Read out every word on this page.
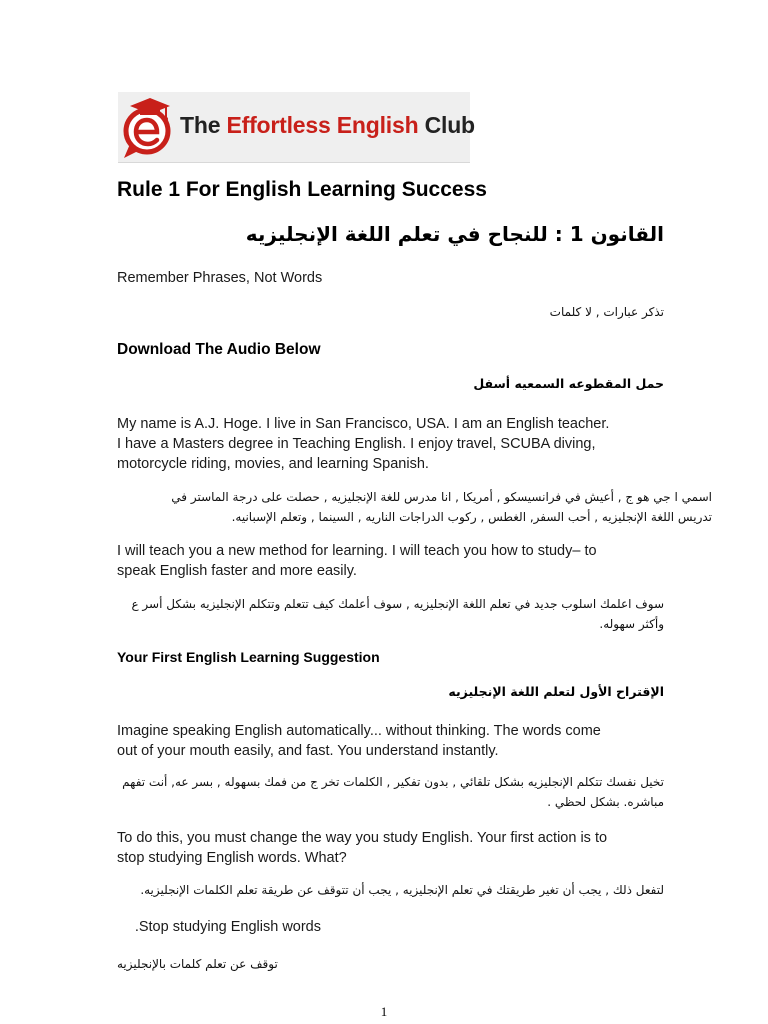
The Effortless English Club
Rule 1 For English Learning Success
القانون 1 : للنجاح في تعلم اللغة الإنجليزيه
Remember Phrases, Not Words
تذكر عبارات , لا كلمات
Download The Audio Below
حمل المقطوعه السمعيه أسفل
My name is A.J. Hoge. I live in San Francisco, USA. I am an English teacher.
I have a Masters degree in Teaching English. I enjoy travel, SCUBA diving,
motorcycle riding, movies, and learning Spanish.
اسمي ا جي هو ج , أعيش في فرانسيسكو , أمريكا , انا مدرس للغة الإنجليزيه , حصلت على درجة الماستر في
تدريس اللغة الإنجليزيه , أحب السفر, الغطس , ركوب الدراجات الناريه , السينما , وتعلم الإسبانيه.
I will teach you a new method for learning. I will teach you how to study– to
speak English faster and more easily.
سوف اعلمك اسلوب جديد في تعلم اللغة الإنجليزيه , سوف أعلمك كيف تتعلم وتتكلم الإنجليزيه بشكل أسر ع
وأكثر سهوله.
Your First English Learning Suggestion
الإقتراح الأول لتعلم اللغة الإنجليزيه
Imagine speaking English automatically... without thinking. The words come
out of your mouth easily, and fast. You understand instantly.
تخيل نفسك تتكلم الإنجليزيه بشكل تلقائي , بدون تفكير , الكلمات تخر ج من فمك بسهوله , بسر عه, أنت تفهم
مباشره. بشكل لحظي .
To do this, you must change the way you study English. Your first action is to
stop studying English words. What?
لتفعل ذلك , يجب أن تغير طريقتك في تعلم الإنجليزيه , يجب أن تتوقف عن طريقة تعلم الكلمات الإنجليزيه.
Stop studying English words.
توقف عن تعلم كلمات بالإنجليزيه
1
